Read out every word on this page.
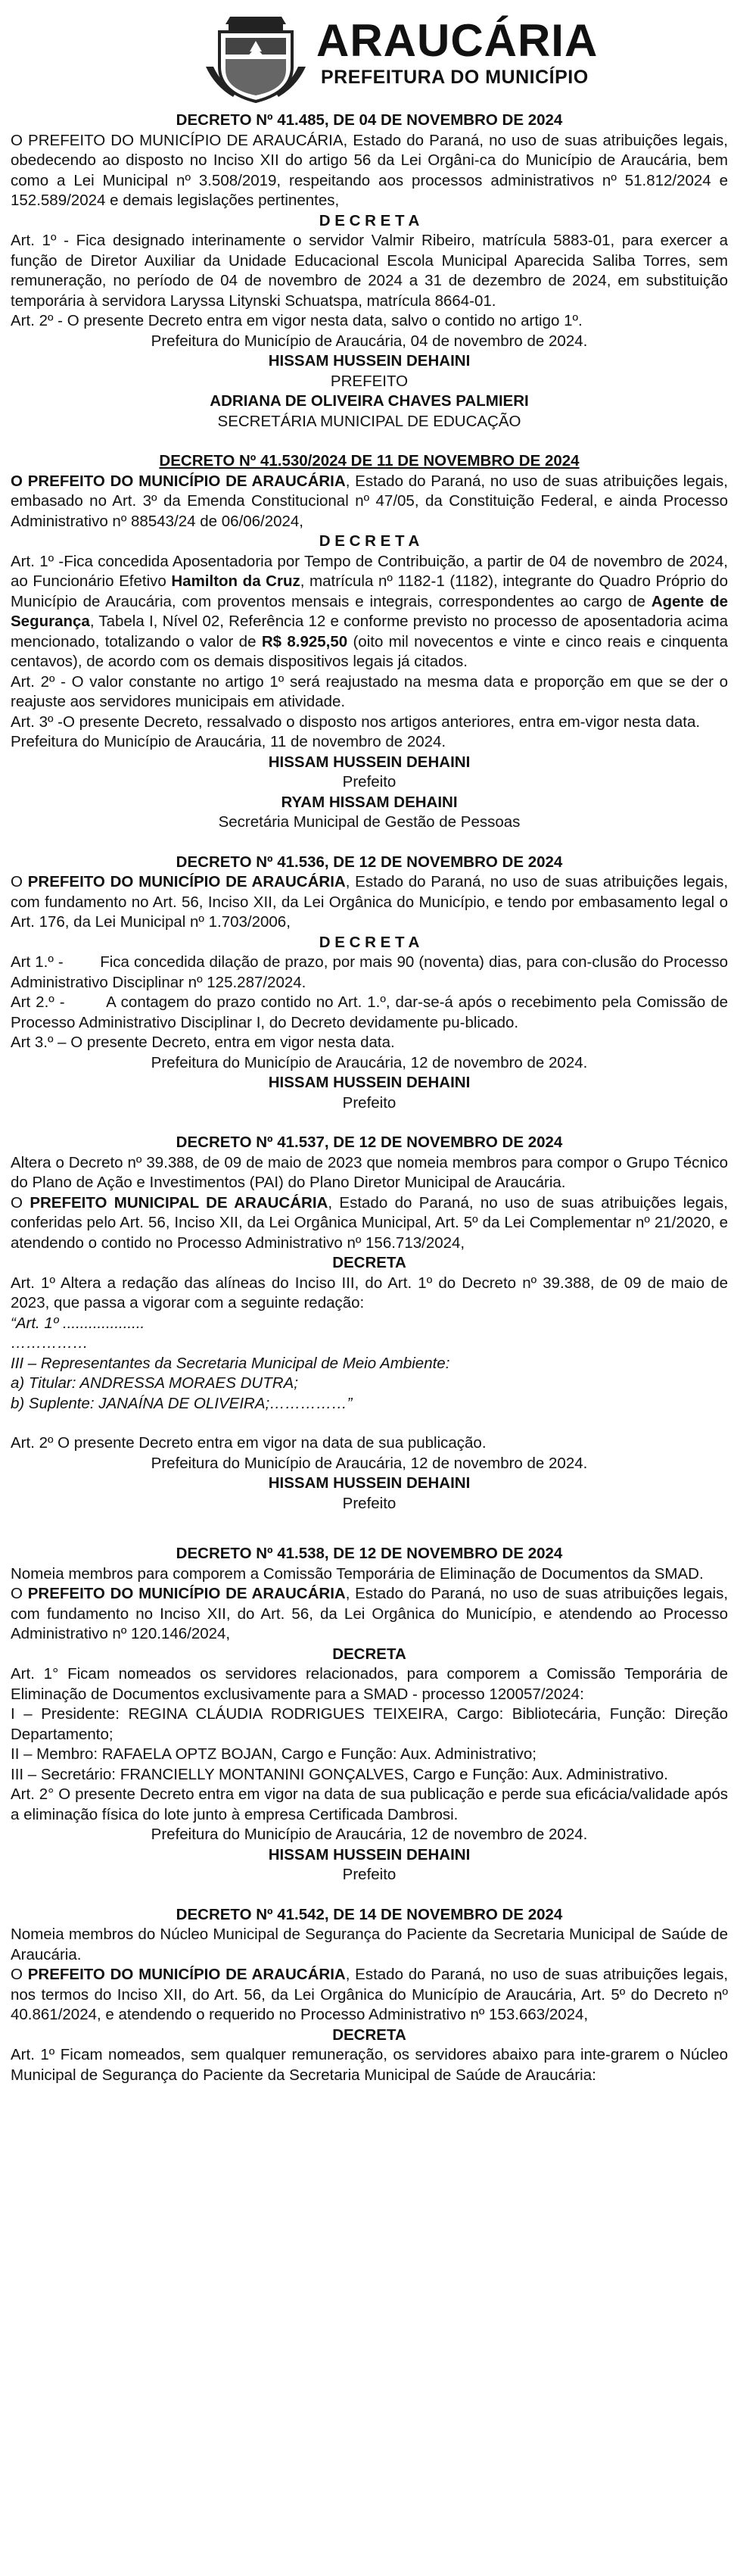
ARAUCÁRIA
PREFEITURA DO MUNICÍPIO

DECRETO Nº 41.485, DE 04 DE NOVEMBRO DE 2024

O PREFEITO DO MUNICÍPIO DE ARAUCÁRIA, Estado do Paraná, no uso de suas atribuições legais, obedecendo ao disposto no Inciso XII do artigo 56 da Lei Orgâni-ca do Município de Araucária, bem como a Lei Municipal nº 3.508/2019, respeitando aos processos administrativos nº 51.812/2024 e 152.589/2024 e demais legislações pertinentes,

D E C R E T A

Art. 1º - Fica designado interinamente o servidor Valmir Ribeiro, matrícula 5883-01, para exercer a função de Diretor Auxiliar da Unidade Educacional Escola Municipal Aparecida Saliba Torres, sem remuneração, no período de 04 de novembro de 2024 a 31 de dezembro de 2024, em substituição temporária à servidora Laryssa Litynski Schuatspa, matrícula 8664-01.

Art. 2º - O presente Decreto entra em vigor nesta data, salvo o contido no artigo 1º.

Prefeitura do Município de Araucária, 04 de novembro de 2024.

HISSAM HUSSEIN DEHAINI

PREFEITO

ADRIANA DE OLIVEIRA CHAVES PALMIERI

SECRETÁRIA MUNICIPAL DE EDUCAÇÃO

DECRETO Nº 41.530/2024 DE 11 DE NOVEMBRO DE 2024

O PREFEITO DO MUNICÍPIO DE ARAUCÁRIA, Estado do Paraná, no uso de suas atribuições legais, embasado no Art. 3º da Emenda Constitucional nº 47/05, da Constituição Federal, e ainda Processo Administrativo nº 88543/24 de 06/06/2024,

D E C R E T A

Art. 1º -Fica concedida Aposentadoria por Tempo de Contribuição, a partir de 04 de novembro de 2024, ao Funcionário Efetivo Hamilton da Cruz, matrícula nº 1182-1 (1182), integrante do Quadro Próprio do Município de Araucária, com proventos mensais e integrais, correspondentes ao cargo de Agente de Segurança, Tabela I, Nível 02, Referência 12 e conforme previsto no processo de aposentadoria acima mencionado, totalizando o valor de R$ 8.925,50 (oito mil novecentos e vinte e cinco reais e cinquenta centavos), de acordo com os demais dispositivos legais já citados.

Art. 2º - O valor constante no artigo 1º será reajustado na mesma data e proporção em que se der o reajuste aos servidores municipais em atividade.

Art. 3º -O presente Decreto, ressalvado o disposto nos artigos anteriores, entra em-vigor nesta data.

Prefeitura do Município de Araucária, 11 de novembro de 2024.

HISSAM HUSSEIN DEHAINI

Prefeito

RYAM HISSAM DEHAINI

Secretária Municipal de Gestão de Pessoas

DECRETO Nº 41.536, DE 12 DE NOVEMBRO DE 2024

O PREFEITO DO MUNICÍPIO DE ARAUCÁRIA, Estado do Paraná, no uso de suas atribuições legais, com fundamento no Art. 56, Inciso XII, da Lei Orgânica do Município, e tendo por embasamento legal o Art. 176, da Lei Municipal nº 1.703/2006,

D E C R E T A

Art 1.º -        Fica concedida dilação de prazo, por mais 90 (noventa) dias, para con-clusão do Processo Administrativo Disciplinar nº 125.287/2024.

Art 2.º -        A contagem do prazo contido no Art. 1.º, dar-se-á após o recebimento pela Comissão de Processo Administrativo Disciplinar I, do Decreto devidamente pu-blicado.

Art 3.º – O presente Decreto, entra em vigor nesta data.

Prefeitura do Município de Araucária, 12 de novembro de 2024.

HISSAM HUSSEIN DEHAINI

Prefeito

DECRETO Nº 41.537, DE 12 DE NOVEMBRO DE 2024

Altera o Decreto nº 39.388, de 09 de maio de 2023 que nomeia membros para compor o Grupo Técnico do Plano de Ação e Investimentos (PAI) do Plano Diretor Municipal de Araucária.

O PREFEITO MUNICIPAL DE ARAUCÁRIA, Estado do Paraná, no uso de suas atribuições legais, conferidas pelo Art. 56, Inciso XII, da Lei Orgânica Municipal, Art. 5º da Lei Complementar nº 21/2020, e atendendo o contido no Processo Administrativo nº 156.713/2024,

DECRETA

Art. 1º Altera a redação das alíneas do Inciso III, do Art. 1º do Decreto nº 39.388, de 09 de maio de 2023, que passa a vigorar com a seguinte redação:

“Art. 1º ...................

……………

III – Representantes da Secretaria Municipal de Meio Ambiente:

a) Titular: ANDRESSA MORAES DUTRA;

b) Suplente: JANAÍNA DE OLIVEIRA;……………”

Art. 2º O presente Decreto entra em vigor na data de sua publicação.

Prefeitura do Município de Araucária, 12 de novembro de 2024.

HISSAM HUSSEIN DEHAINI

Prefeito

DECRETO Nº 41.538, DE 12 DE NOVEMBRO DE 2024

Nomeia membros para comporem a Comissão Temporária de Eliminação de Documentos da SMAD.

O PREFEITO DO MUNICÍPIO DE ARAUCÁRIA, Estado do Paraná, no uso de suas atribuições legais, com fundamento no Inciso XII, do Art. 56, da Lei Orgânica do Município, e atendendo ao Processo Administrativo nº 120.146/2024,

DECRETA

Art. 1° Ficam nomeados os servidores relacionados, para comporem a Comissão Temporária de Eliminação de Documentos exclusivamente para a SMAD - processo 120057/2024:

I – Presidente: REGINA CLÁUDIA RODRIGUES TEIXEIRA, Cargo: Bibliotecária, Função: Direção Departamento;

II – Membro: RAFAELA OPTZ BOJAN, Cargo e Função: Aux. Administrativo;

III – Secretário: FRANCIELLY MONTANINI GONÇALVES, Cargo e Função: Aux. Administrativo.

Art. 2° O presente Decreto entra em vigor na data de sua publicação e perde sua eficácia/validade após a eliminação física do lote junto à empresa Certificada Dambrosi.

Prefeitura do Município de Araucária, 12 de novembro de 2024.

HISSAM HUSSEIN DEHAINI

Prefeito

DECRETO Nº 41.542, DE 14 DE NOVEMBRO DE 2024

Nomeia membros do Núcleo Municipal de Segurança do Paciente da Secretaria Municipal de Saúde de Araucária.

O PREFEITO DO MUNICÍPIO DE ARAUCÁRIA, Estado do Paraná, no uso de suas atribuições legais, nos termos do Inciso XII, do Art. 56, da Lei Orgânica do Município de Araucária, Art. 5º do Decreto nº 40.861/2024, e atendendo o requerido no Processo Administrativo nº 153.663/2024,

DECRETA

Art. 1º Ficam nomeados, sem qualquer remuneração, os servidores abaixo para inte-grarem o Núcleo Municipal de Segurança do Paciente da Secretaria Municipal de Saúde de Araucária:
